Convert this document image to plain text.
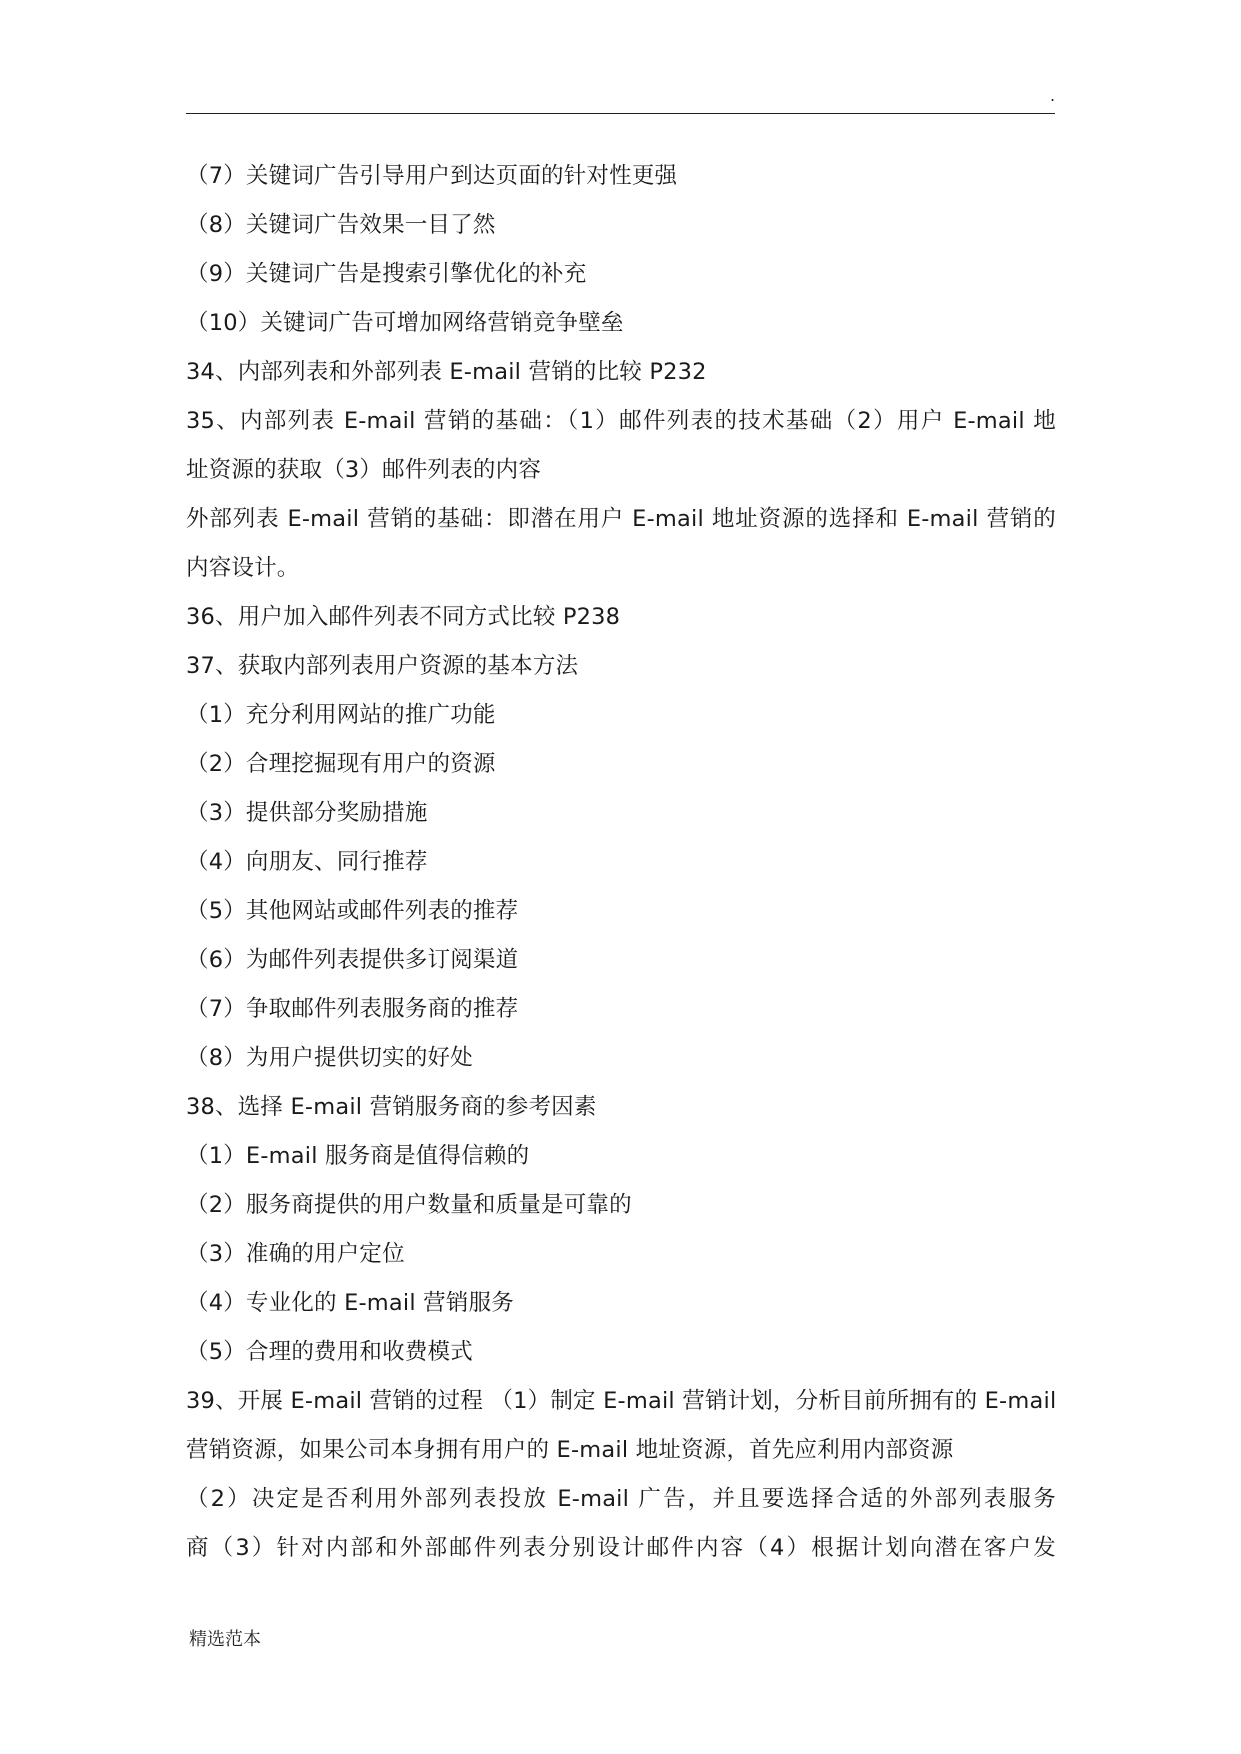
.
（7）关键词广告引导用户到达页面的针对性更强
（8）关键词广告效果一目了然
（9）关键词广告是搜索引擎优化的补充
（10）关键词广告可增加网络营销竞争壁垒
34、内部列表和外部列表 E-mail 营销的比较 P232
35、内部列表 E-mail 营销的基础：（1）邮件列表的技术基础（2）用户 E-mail 地
址资源的获取（3）邮件列表的内容
外部列表 E-mail 营销的基础：即潜在用户 E-mail 地址资源的选择和 E-mail 营销的
内容设计。
36、用户加入邮件列表不同方式比较 P238
37、获取内部列表用户资源的基本方法
（1）充分利用网站的推广功能
（2）合理挖掘现有用户的资源
（3）提供部分奖励措施
（4）向朋友、同行推荐
（5）其他网站或邮件列表的推荐
（6）为邮件列表提供多订阅渠道
（7）争取邮件列表服务商的推荐
（8）为用户提供切实的好处
38、选择 E-mail 营销服务商的参考因素
（1）E-mail 服务商是值得信赖的
（2）服务商提供的用户数量和质量是可靠的
（3）准确的用户定位
（4）专业化的 E-mail 营销服务
（5）合理的费用和收费模式
39、开展 E-mail 营销的过程 （1）制定 E-mail 营销计划，分析目前所拥有的 E-mail
营销资源，如果公司本身拥有用户的 E-mail 地址资源，首先应利用内部资源
（2）决定是否利用外部列表投放 E-mail 广告，并且要选择合适的外部列表服务
商（3）针对内部和外部邮件列表分别设计邮件内容（4）根据计划向潜在客户发
精选范本
